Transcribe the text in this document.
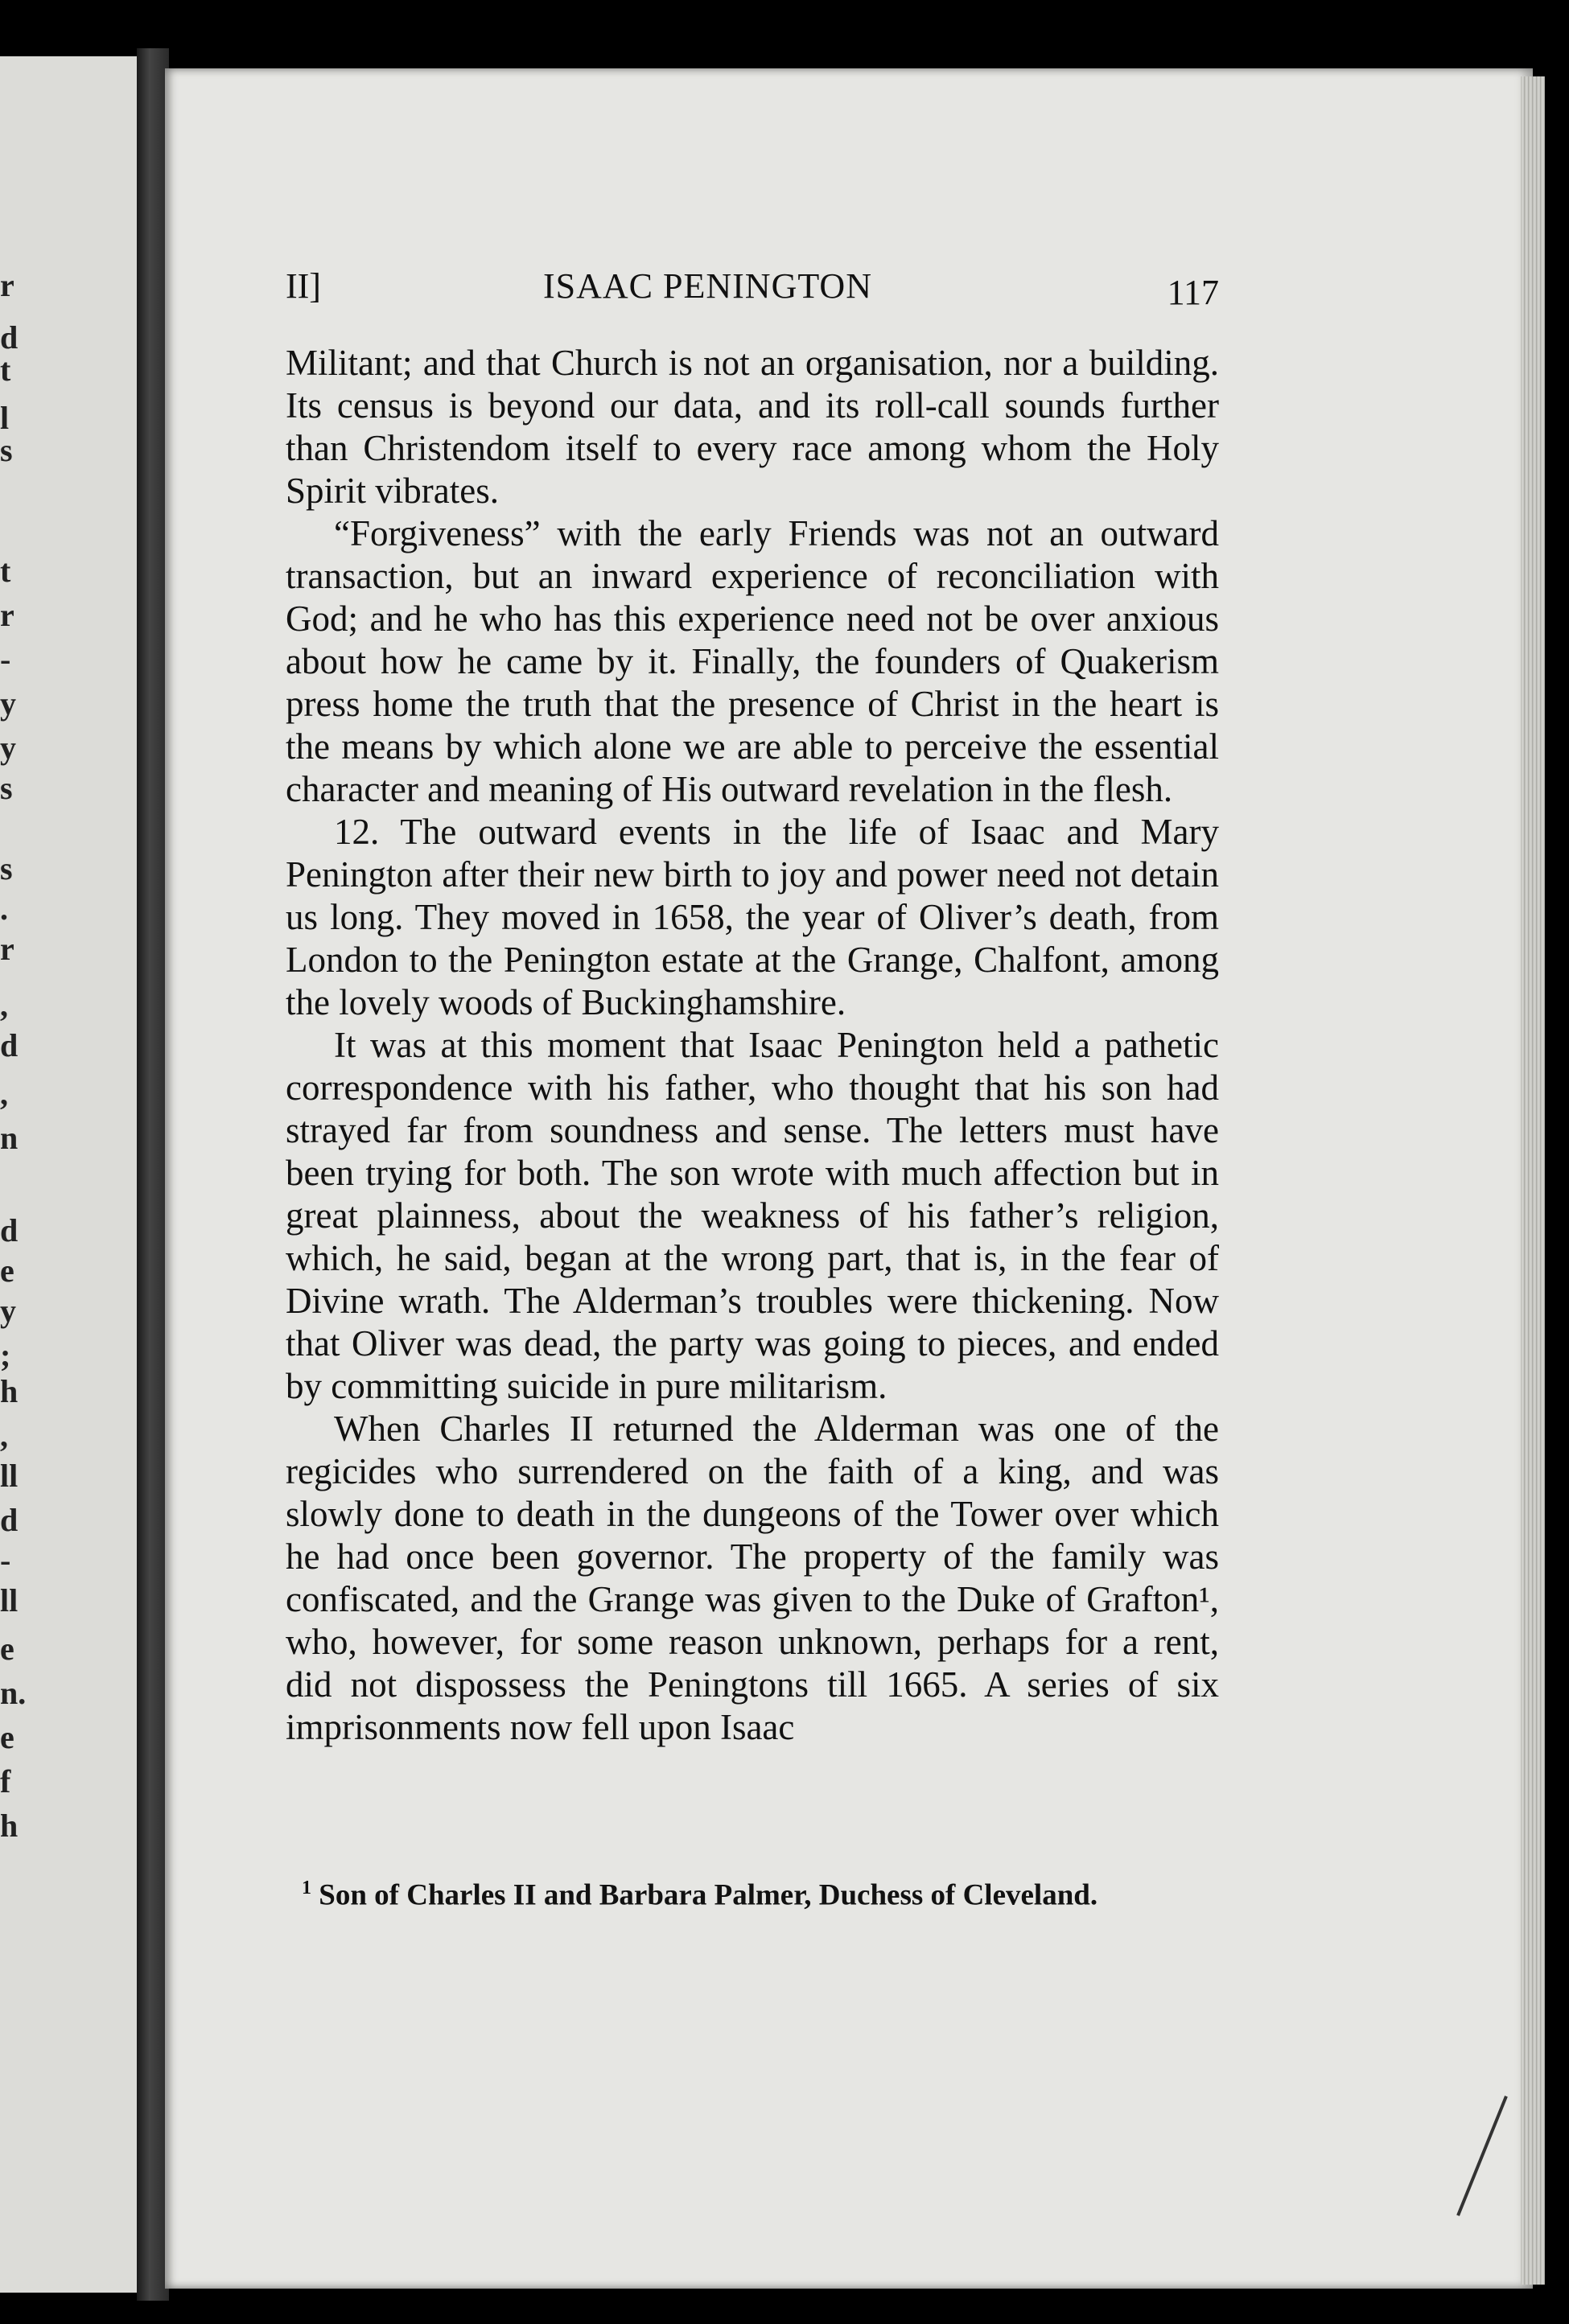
r
d
t
l
s
t
r
-
y
y
s
s
.
r
,
d
,
n
d
e
y
;
h
,
ll
d
-
ll
e
n.
e
f
h
II]	ISAAC PENINGTON	117

Militant; and that Church is not an organisation, nor a building. Its census is beyond our data, and its roll-call sounds further than Christendom itself to every race among whom the Holy Spirit vibrates.

“Forgiveness” with the early Friends was not an outward transaction, but an inward experience of reconciliation with God; and he who has this experience need not be over anxious about how he came by it. Finally, the founders of Quakerism press home the truth that the presence of Christ in the heart is the means by which alone we are able to perceive the essential character and meaning of His outward revelation in the flesh.

12. The outward events in the life of Isaac and Mary Penington after their new birth to joy and power need not detain us long. They moved in 1658, the year of Oliver’s death, from London to the Penington estate at the Grange, Chalfont, among the lovely woods of Buckinghamshire.

It was at this moment that Isaac Penington held a pathetic correspondence with his father, who thought that his son had strayed far from soundness and sense. The letters must have been trying for both. The son wrote with much affection but in great plainness, about the weakness of his father’s religion, which, he said, began at the wrong part, that is, in the fear of Divine wrath. The Alderman’s troubles were thickening. Now that Oliver was dead, the party was going to pieces, and ended by committing suicide in pure militarism.

When Charles II returned the Alderman was one of the regicides who surrendered on the faith of a king, and was slowly done to death in the dungeons of the Tower over which he had once been governor. The property of the family was confiscated, and the Grange was given to the Duke of Grafton¹, who, however, for some reason unknown, perhaps for a rent, did not dispossess the Peningtons till 1665. A series of six imprisonments now fell upon Isaac

$^1$ Son of Charles II and Barbara Palmer, Duchess of Cleveland.
